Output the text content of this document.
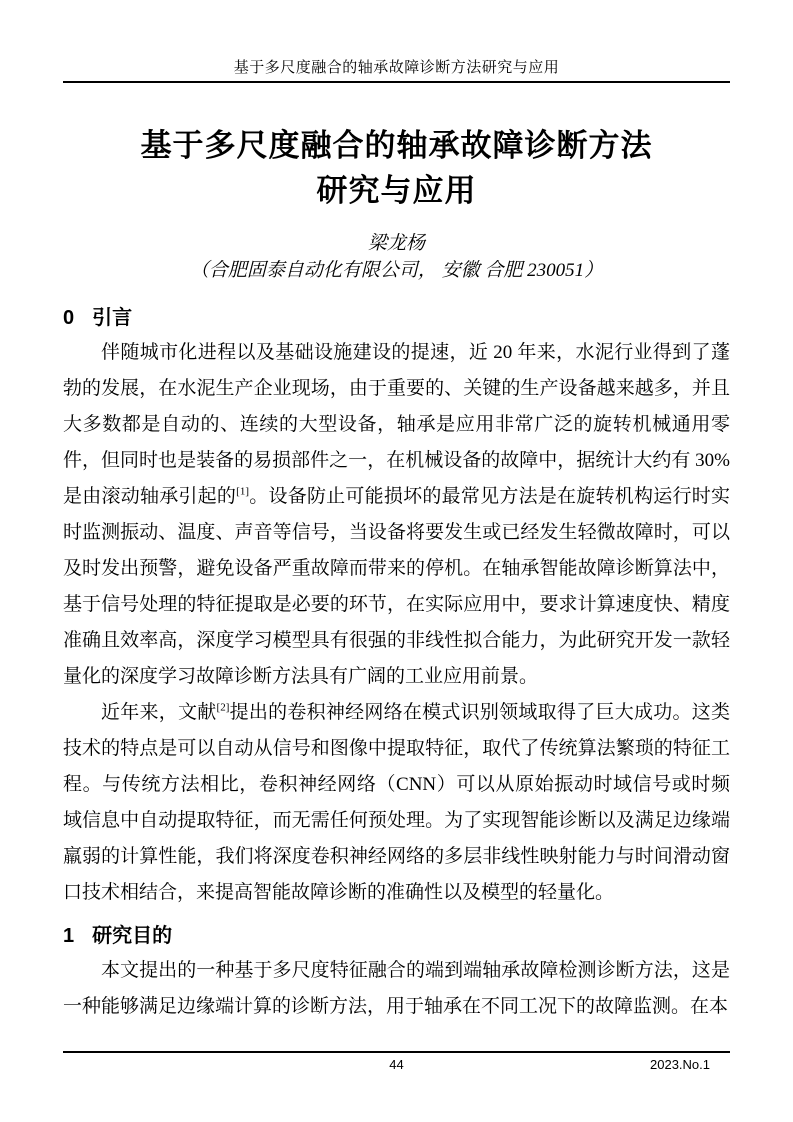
基于多尺度融合的轴承故障诊断方法研究与应用
基于多尺度融合的轴承故障诊断方法
研究与应用
梁龙杨
（合肥固泰自动化有限公司， 安徽 合肥 230051）
0 引言

伴随城市化进程以及基础设施建设的提速，近 20 年来，水泥行业得到了蓬勃的发展，在水泥生产企业现场，由于重要的、关键的生产设备越来越多，并且大多数都是自动的、连续的大型设备，轴承是应用非常广泛的旋转机械通用零件，但同时也是装备的易损部件之一，在机械设备的故障中，据统计大约有 30%是由滚动轴承引起的[1]。设备防止可能损坏的最常见方法是在旋转机构运行时实时监测振动、温度、声音等信号，当设备将要发生或已经发生轻微故障时，可以及时发出预警，避免设备严重故障而带来的停机。在轴承智能故障诊断算法中，基于信号处理的特征提取是必要的环节，在实际应用中，要求计算速度快、精度准确且效率高，深度学习模型具有很强的非线性拟合能力，为此研究开发一款轻量化的深度学习故障诊断方法具有广阔的工业应用前景。

近年来，文献[2]提出的卷积神经网络在模式识别领域取得了巨大成功。这类技术的特点是可以自动从信号和图像中提取特征，取代了传统算法繁琐的特征工程。与传统方法相比，卷积神经网络（CNN）可以从原始振动时域信号或时频域信息中自动提取特征，而无需任何预处理。为了实现智能诊断以及满足边缘端羸弱的计算性能，我们将深度卷积神经网络的多层非线性映射能力与时间滑动窗口技术相结合，来提高智能故障诊断的准确性以及模型的轻量化。

1 研究目的

本文提出的一种基于多尺度特征融合的端到端轴承故障检测诊断方法，这是一种能够满足边缘端计算的诊断方法，用于轴承在不同工况下的故障监测。在本

44	2023.No.1
